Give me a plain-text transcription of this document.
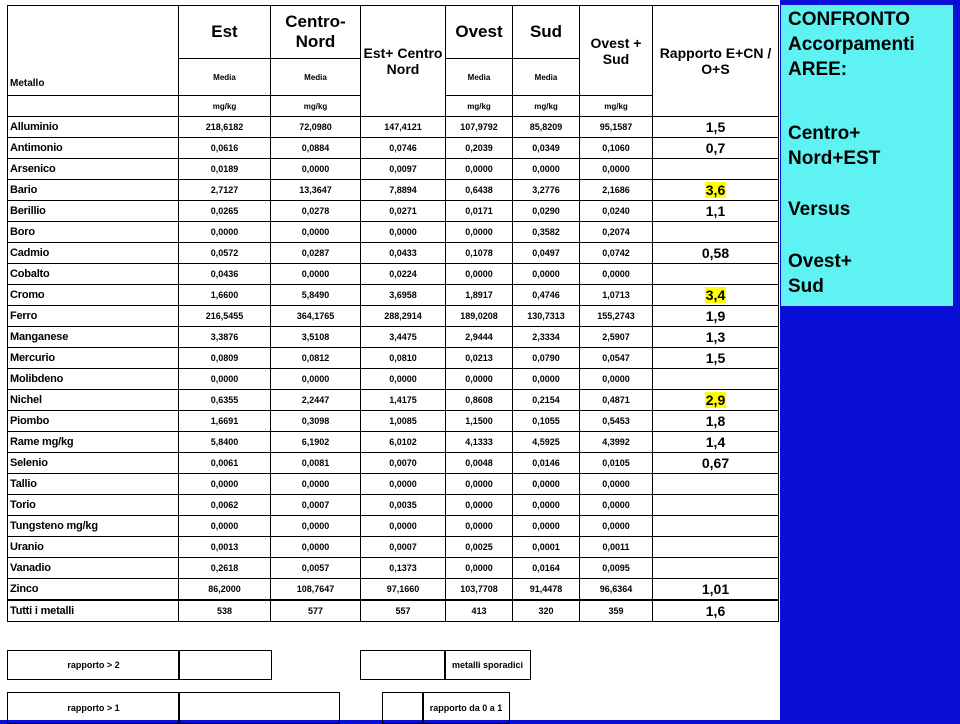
Metallo	Est	Centro-Nord	Est+ Centro Nord	Ovest	Sud	Ovest + Sud	Rapporto E+CN / O+S
	Media	Media		Media	Media		
	mg/kg	mg/kg		mg/kg	mg/kg	mg/kg	
Alluminio	218,6182	72,0980	147,4121	107,9792	85,8209	95,1587	1,5
Antimonio	0,0616	0,0884	0,0746	0,2039	0,0349	0,1060	0,7
Arsenico	0,0189	0,0000	0,0097	0,0000	0,0000	0,0000	
Bario	2,7127	13,3647	7,8894	0,6438	3,2776	2,1686	3,6
Berillio	0,0265	0,0278	0,0271	0,0171	0,0290	0,0240	1,1
Boro	0,0000	0,0000	0,0000	0,0000	0,3582	0,2074	
Cadmio	0,0572	0,0287	0,0433	0,1078	0,0497	0,0742	0,58
Cobalto	0,0436	0,0000	0,0224	0,0000	0,0000	0,0000	
Cromo	1,6600	5,8490	3,6958	1,8917	0,4746	1,0713	3,4
Ferro	216,5455	364,1765	288,2914	189,0208	130,7313	155,2743	1,9
Manganese	3,3876	3,5108	3,4475	2,9444	2,3334	2,5907	1,3
Mercurio	0,0809	0,0812	0,0810	0,0213	0,0790	0,0547	1,5
Molibdeno	0,0000	0,0000	0,0000	0,0000	0,0000	0,0000	
Nichel	0,6355	2,2447	1,4175	0,8608	0,2154	0,4871	2,9
Piombo	1,6691	0,3098	1,0085	1,1500	0,1055	0,5453	1,8
Rame mg/kg	5,8400	6,1902	6,0102	4,1333	4,5925	4,3992	1,4
Selenio	0,0061	0,0081	0,0070	0,0048	0,0146	0,0105	0,67
Tallio	0,0000	0,0000	0,0000	0,0000	0,0000	0,0000	
Torio	0,0062	0,0007	0,0035	0,0000	0,0000	0,0000	
Tungsteno mg/kg	0,0000	0,0000	0,0000	0,0000	0,0000	0,0000	
Uranio	0,0013	0,0000	0,0007	0,0025	0,0001	0,0011	
Vanadio	0,2618	0,0057	0,1373	0,0000	0,0164	0,0095	
Zinco	86,2000	108,7647	97,1660	103,7708	91,4478	96,6364	1,01
Tutti i metalli	538	577	557	413	320	359	1,6
rapporto > 2	metalli sporadici
rapporto > 1	rapporto da 0 a 1
CONFRONTO
Accorpamenti
AREE:
Centro+
Nord+EST
Versus
Ovest+
Sud
